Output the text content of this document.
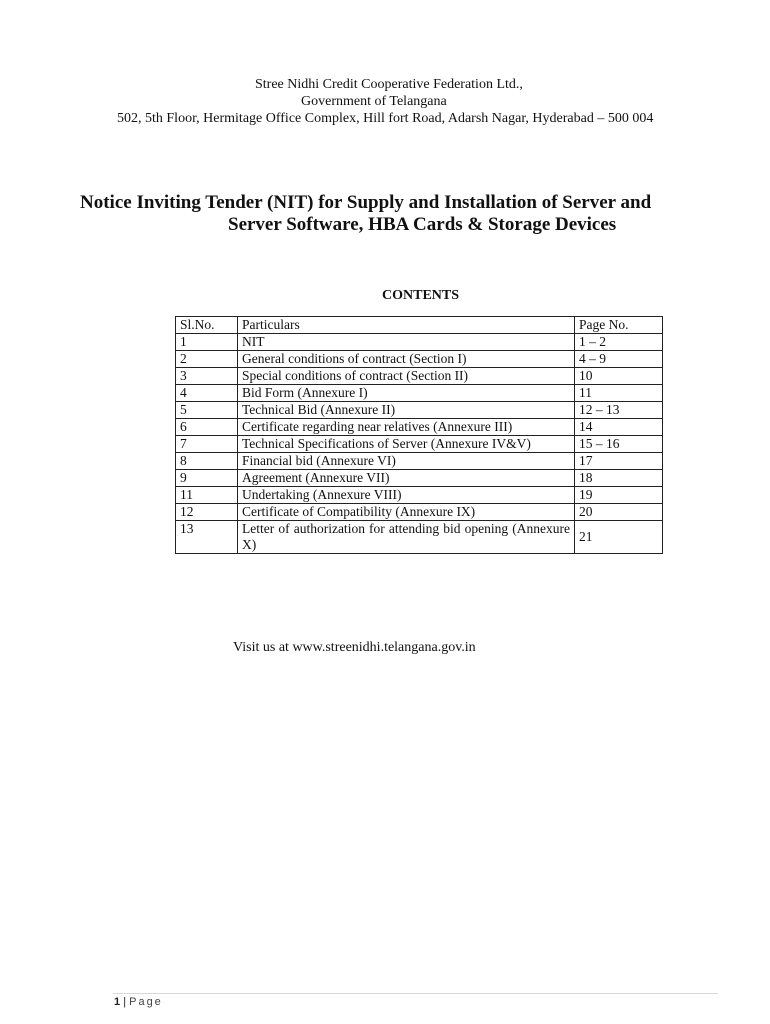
Stree Nidhi Credit Cooperative Federation Ltd.,
Government of Telangana
502, 5th Floor, Hermitage Office Complex, Hill fort Road, Adarsh Nagar, Hyderabad – 500 004
Notice Inviting Tender (NIT) for Supply and Installation of Server and
Server Software, HBA Cards & Storage Devices
CONTENTS
Sl.No.	Particulars	Page No.
1	NIT	1 – 2
2	General conditions of contract (Section I)	4 – 9
3	Special conditions of contract (Section II)	10
4	Bid Form (Annexure I)	11
5	Technical Bid (Annexure II)	12 – 13
6	Certificate regarding near relatives (Annexure III)	14
7	Technical Specifications of Server (Annexure IV&V)	15 – 16
8	Financial bid (Annexure VI)	17
9	Agreement (Annexure VII)	18
11	Undertaking (Annexure VIII)	19
12	Certificate of Compatibility (Annexure IX)	20
13	Letter of authorization for attending bid opening (Annexure X)	21
Visit us at www.streenidhi.telangana.gov.in
1 | Page
